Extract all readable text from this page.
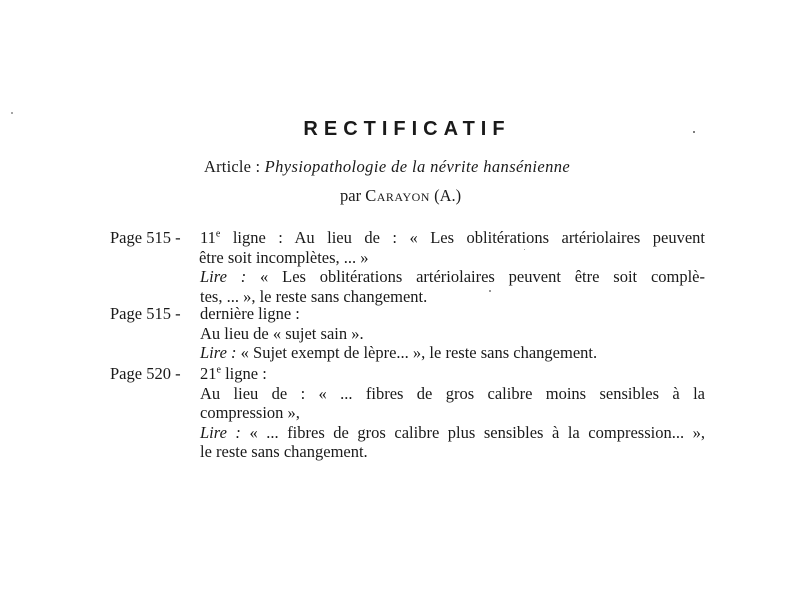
RECTIFICATIF
Article : Physiopathologie de la névrite hansénienne
par Carayon (A.)
Page 515 - 11e ligne : Au lieu de : « Les oblitérations artériolaires peuvent
être soit incomplètes, ... »
Lire : « Les oblitérations artériolaires peuvent être soit complè-
tes, ... », le reste sans changement.
Page 515 - dernière ligne :
Au lieu de « sujet sain ».
Lire : « Sujet exempt de lèpre... », le reste sans changement.
Page 520 - 21e ligne :
Au lieu de : « ... fibres de gros calibre moins sensibles à la
compression »,
Lire : « ... fibres de gros calibre plus sensibles à la compression... »,
le reste sans changement.
